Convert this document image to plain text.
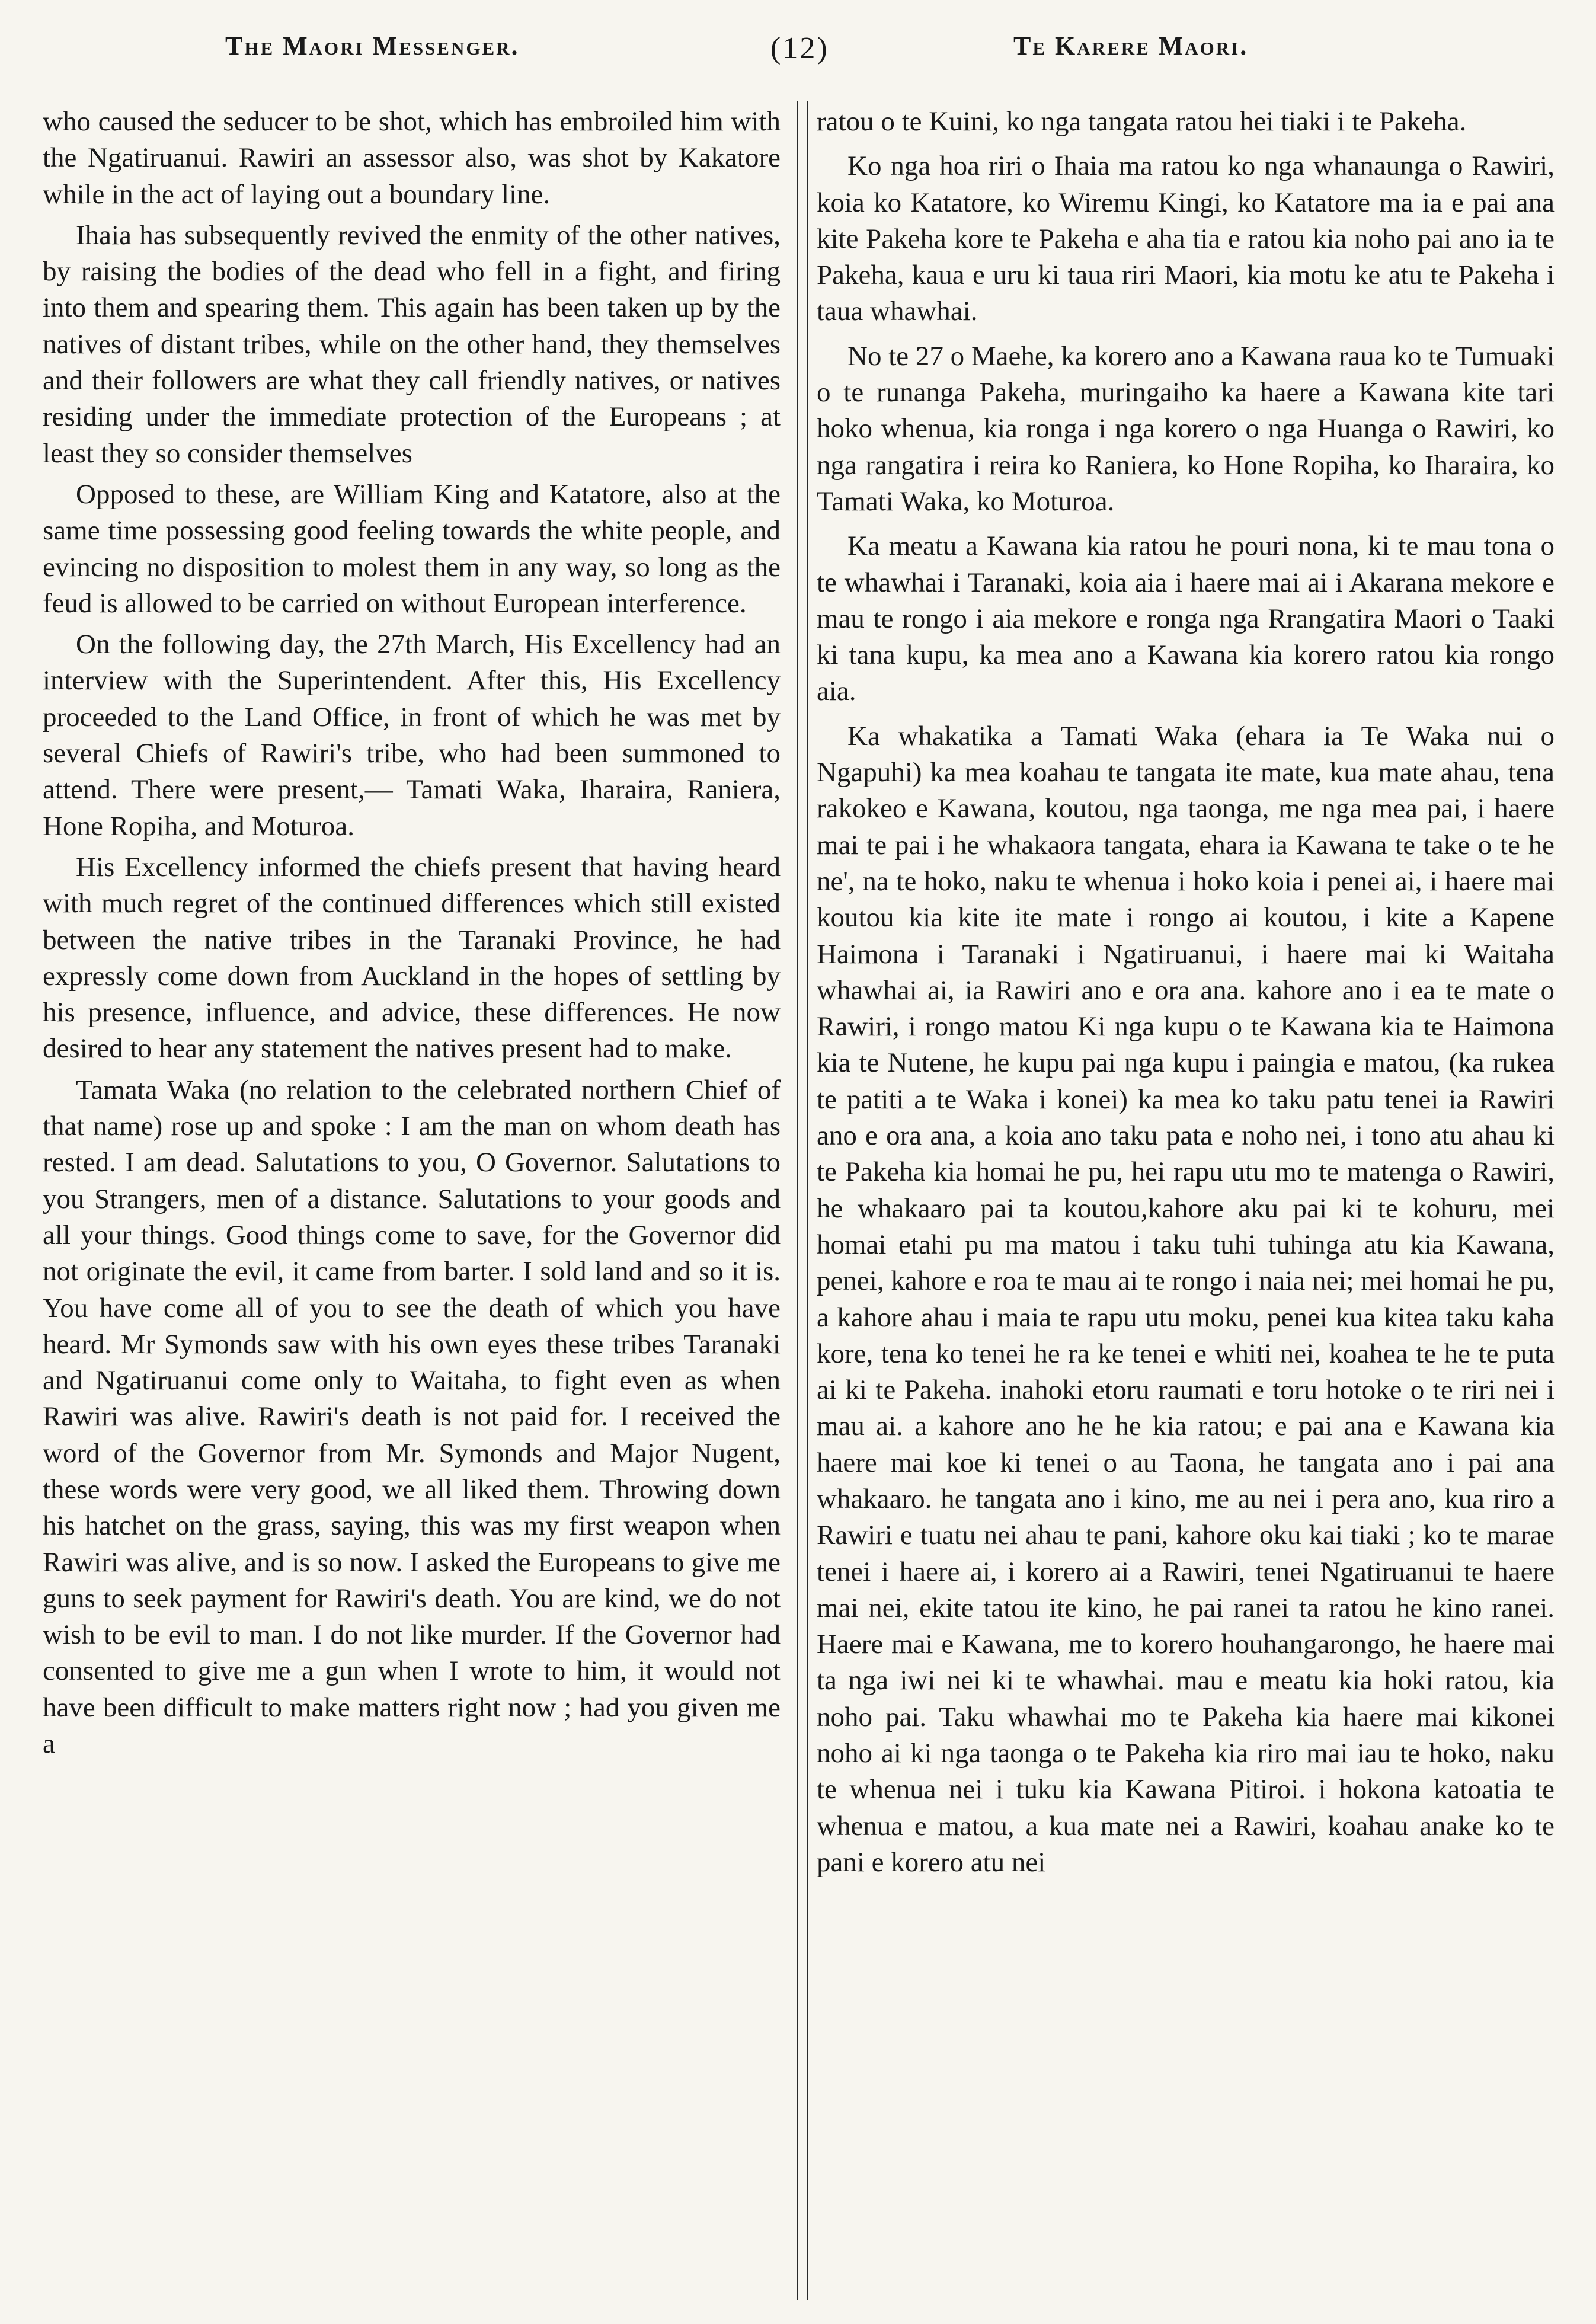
The Maori Messenger.	(12)	Te Karere Maori.

who caused the seducer to be shot, which has embroiled him with the Ngatiruanui. Rawiri an assessor also, was shot by Kakatore while in the act of laying out a boundary line.

Ihaia has subsequently revived the enmity of the other natives, by raising the bodies of the dead who fell in a fight, and firing into them and spearing them. This again has been taken up by the natives of distant tribes, while on the other hand, they themselves and their followers are what they call friendly natives, or natives residing under the immediate protection of the Europeans ; at least they so consider themselves

Opposed to these, are William King and Katatore, also at the same time possessing good feeling towards the white people, and evincing no disposition to molest them in any way, so long as the feud is allowed to be carried on without European interference.

On the following day, the 27th March, His Excellency had an interview with the Superintendent. After this, His Excellency proceeded to the Land Office, in front of which he was met by several Chiefs of Rawiri's tribe, who had been summoned to attend. There were present,— Tamati Waka, Iharaira, Raniera, Hone Ropiha, and Moturoa.

His Excellency informed the chiefs present that having heard with much regret of the continued differences which still existed between the native tribes in the Taranaki Province, he had expressly come down from Auckland in the hopes of settling by his presence, influence, and advice, these differences. He now desired to hear any statement the natives present had to make.

Tamata Waka (no relation to the celebrated northern Chief of that name) rose up and spoke : I am the man on whom death has rested. I am dead. Salutations to you, O Governor. Salutations to you Strangers, men of a distance. Salutations to your goods and all your things. Good things come to save, for the Governor did not originate the evil, it came from barter. I sold land and so it is. You have come all of you to see the death of which you have heard. Mr Symonds saw with his own eyes these tribes Taranaki and Ngatiruanui come only to Waitaha, to fight even as when Rawiri was alive. Rawiri's death is not paid for. I received the word of the Governor from Mr. Symonds and Major Nugent, these words were very good, we all liked them. Throwing down his hatchet on the grass, saying, this was my first weapon when Rawiri was alive, and is so now. I asked the Europeans to give me guns to seek payment for Rawiri's death. You are kind, we do not wish to be evil to man. I do not like murder. If the Governor had consented to give me a gun when I wrote to him, it would not have been difficult to make matters right now ; had you given me a

ratou o te Kuini, ko nga tangata ratou hei tiaki i te Pakeha.

Ko nga hoa riri o Ihaia ma ratou ko nga whanaunga o Rawiri, koia ko Katatore, ko Wiremu Kingi, ko Katatore ma ia e pai ana kite Pakeha kore te Pakeha e aha tia e ratou kia noho pai ano ia te Pakeha, kaua e uru ki taua riri Maori, kia motu ke atu te Pakeha i taua whawhai.

No te 27 o Maehe, ka korero ano a Kawana raua ko te Tumuaki o te runanga Pakeha, muringaiho ka haere a Kawana kite tari hoko whenua, kia ronga i nga korero o nga Huanga o Rawiri, ko nga rangatira i reira ko Raniera, ko Hone Ropiha, ko Iharaira, ko Tamati Waka, ko Moturoa.

Ka meatu a Kawana kia ratou he pouri nona, ki te mau tona o te whawhai i Taranaki, koia aia i haere mai ai i Akarana mekore e mau te rongo i aia mekore e ronga nga Rrangatira Maori o Taaki ki tana kupu, ka mea ano a Kawana kia korero ratou kia rongo aia.

Ka whakatika a Tamati Waka (ehara ia Te Waka nui o Ngapuhi) ka mea koahau te tangata ite mate, kua mate ahau, tena rakokeo e Kawana, koutou, nga taonga, me nga mea pai, i haere mai te pai i he whakaora tangata, ehara ia Kawana te take o te he ne', na te hoko, naku te whenua i hoko koia i penei ai, i haere mai koutou kia kite ite mate i rongo ai koutou, i kite a Kapene Haimona i Taranaki i Ngatiruanui, i haere mai ki Waitaha whawhai ai, ia Rawiri ano e ora ana. kahore ano i ea te mate o Rawiri, i rongo matou Ki nga kupu o te Kawana kia te Haimona kia te Nutene, he kupu pai nga kupu i paingia e matou, (ka rukea te patiti a te Waka i konei) ka mea ko taku patu tenei ia Rawiri ano e ora ana, a koia ano taku pata e noho nei, i tono atu ahau ki te Pakeha kia homai he pu, hei rapu utu mo te matenga o Rawiri, he whakaaro pai ta koutou,kahore aku pai ki te kohuru, mei homai etahi pu ma matou i taku tuhi tuhinga atu kia Kawana, penei, kahore e roa te mau ai te rongo i naia nei; mei homai he pu, a kahore ahau i maia te rapu utu moku, penei kua kitea taku kaha kore, tena ko tenei he ra ke tenei e whiti nei, koahea te he te puta ai ki te Pakeha. inahoki etoru raumati e toru hotoke o te riri nei i mau ai. a kahore ano he he kia ratou; e pai ana e Kawana kia haere mai koe ki tenei o au Taona, he tangata ano i pai ana whakaaro. he tangata ano i kino, me au nei i pera ano, kua riro a Rawiri e tuatu nei ahau te pani, kahore oku kai tiaki ; ko te marae tenei i haere ai, i korero ai a Rawiri, tenei Ngatiruanui te haere mai nei, ekite tatou ite kino, he pai ranei ta ratou he kino ranei. Haere mai e Kawana, me to korero houhangarongo, he haere mai ta nga iwi nei ki te whawhai. mau e meatu kia hoki ratou, kia noho pai. Taku whawhai mo te Pakeha kia haere mai kikonei noho ai ki nga taonga o te Pakeha kia riro mai iau te hoko, naku te whenua nei i tuku kia Kawana Pitiroi. i hokona katoatia te whenua e matou, a kua mate nei a Rawiri, koahau anake ko te pani e korero atu nei
